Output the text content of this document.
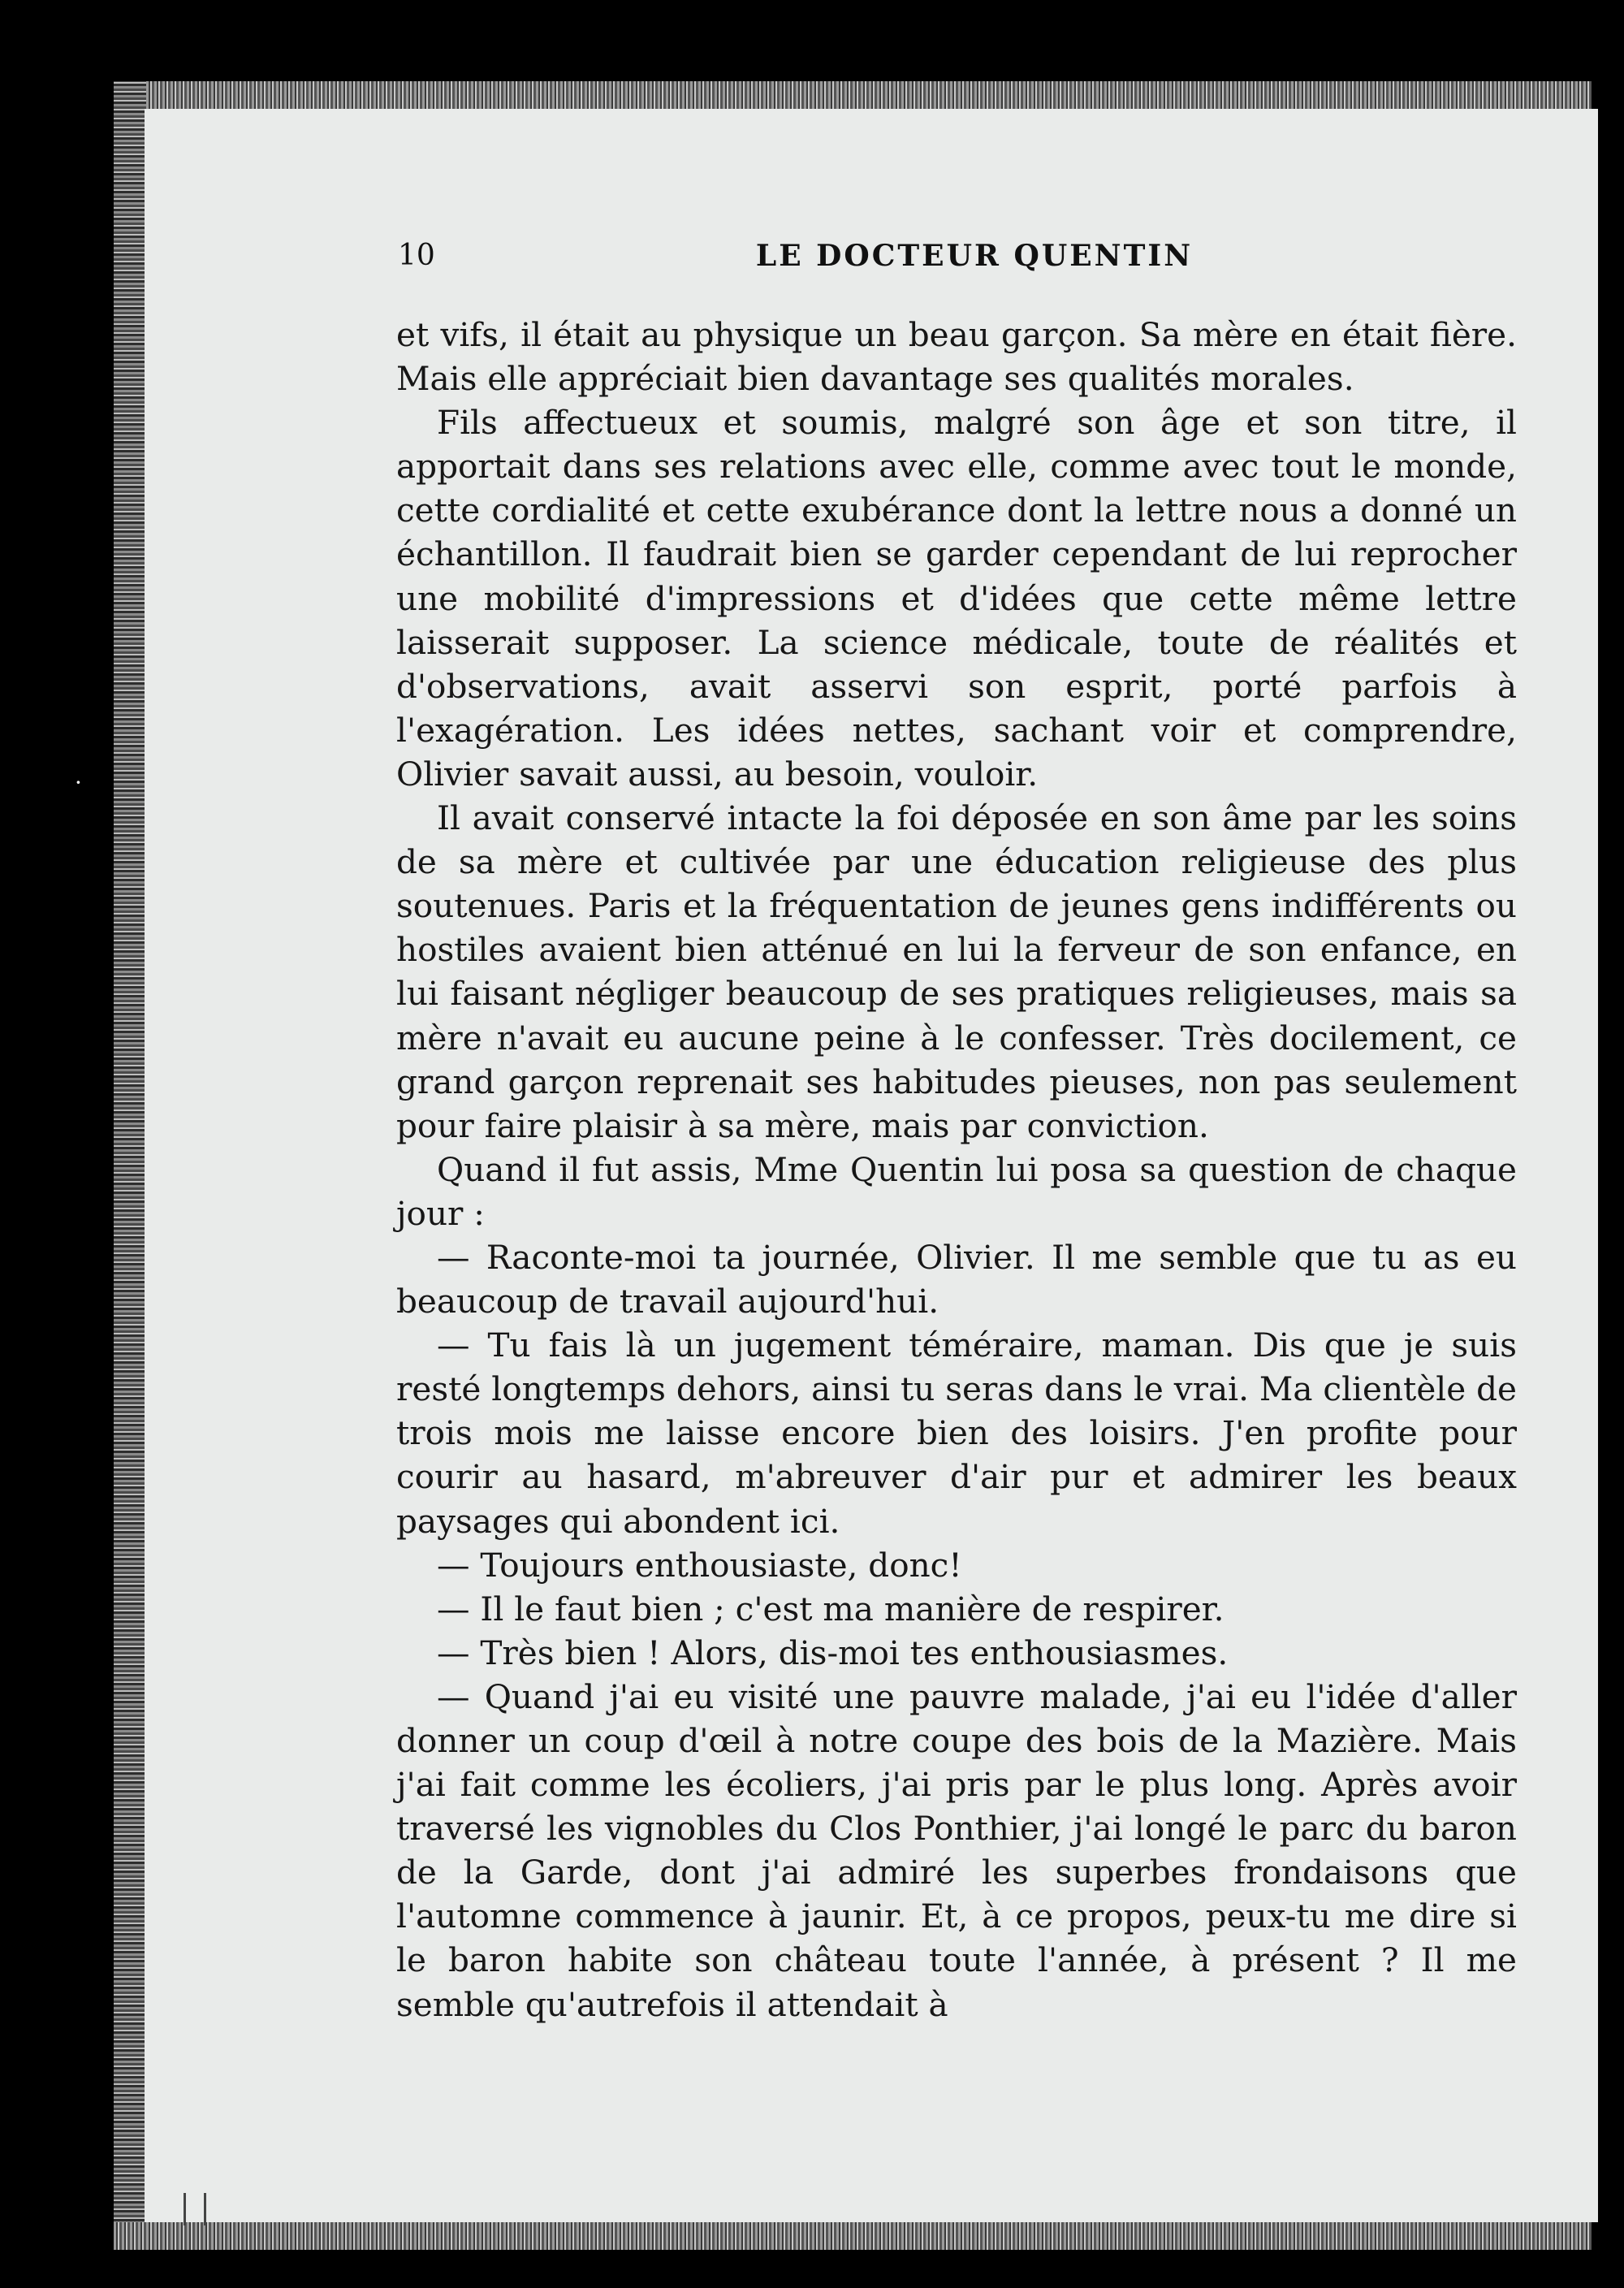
10	LE DOCTEUR QUENTIN

et vifs, il était au physique un beau garçon. Sa mère en était fière. Mais elle appréciait bien davantage ses qualités morales.

Fils affectueux et soumis, malgré son âge et son titre, il apportait dans ses relations avec elle, comme avec tout le monde, cette cordialité et cette exubérance dont la lettre nous a donné un échantillon. Il faudrait bien se garder cependant de lui reprocher une mobilité d'impressions et d'idées que cette même lettre laisserait supposer. La science médicale, toute de réalités et d'observations, avait asservi son esprit, porté parfois à l'exagération. Les idées nettes, sachant voir et comprendre, Olivier savait aussi, au besoin, vouloir.

Il avait conservé intacte la foi déposée en son âme par les soins de sa mère et cultivée par une éducation religieuse des plus soutenues. Paris et la fréquentation de jeunes gens indifférents ou hostiles avaient bien atténué en lui la ferveur de son enfance, en lui faisant négliger beaucoup de ses pratiques religieuses, mais sa mère n'avait eu aucune peine à le confesser. Très docilement, ce grand garçon reprenait ses habitudes pieuses, non pas seulement pour faire plaisir à sa mère, mais par conviction.

Quand il fut assis, Mme Quentin lui posa sa question de chaque jour :

— Raconte-moi ta journée, Olivier. Il me semble que tu as eu beaucoup de travail aujourd'hui.

— Tu fais là un jugement téméraire, maman. Dis que je suis resté longtemps dehors, ainsi tu seras dans le vrai. Ma clientèle de trois mois me laisse encore bien des loisirs. J'en profite pour courir au hasard, m'abreuver d'air pur et admirer les beaux paysages qui abondent ici.

— Toujours enthousiaste, donc!

— Il le faut bien ; c'est ma manière de respirer.

— Très bien ! Alors, dis-moi tes enthousiasmes.

— Quand j'ai eu visité une pauvre malade, j'ai eu l'idée d'aller donner un coup d'œil à notre coupe des bois de la Mazière. Mais j'ai fait comme les écoliers, j'ai pris par le plus long. Après avoir traversé les vignobles du Clos Ponthier, j'ai longé le parc du baron de la Garde, dont j'ai admiré les superbes frondaisons que l'automne commence à jaunir. Et, à ce propos, peux-tu me dire si le baron habite son château toute l'année, à présent ? Il me semble qu'autrefois il attendait à

·
